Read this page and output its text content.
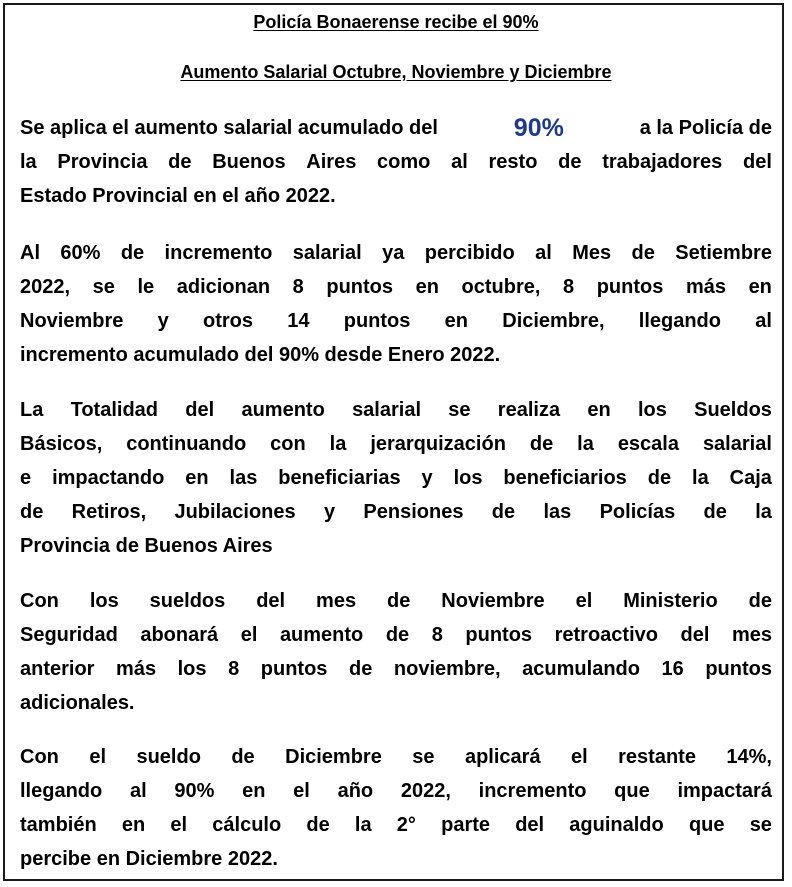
Policía Bonaerense recibe el 90%
Aumento Salarial Octubre, Noviembre y Diciembre
Se aplica el aumento salarial acumulado del	90%	a la Policía de
la Provincia de Buenos Aires como al resto de trabajadores del
Estado Provincial en el año 2022.
Al 60% de incremento salarial ya percibido al Mes de Setiembre
2022, se le adicionan 8 puntos en octubre, 8 puntos más en
Noviembre y otros 14 puntos en Diciembre, llegando al
incremento acumulado del 90% desde Enero 2022.
La Totalidad del aumento salarial se realiza en los Sueldos
Básicos, continuando con la jerarquización de la escala salarial
e impactando en las beneficiarias y los beneficiarios de la Caja
de Retiros, Jubilaciones y Pensiones de las Policías de la
Provincia de Buenos Aires
Con los sueldos del mes de Noviembre el Ministerio de
Seguridad abonará el aumento de 8 puntos retroactivo del mes
anterior más los 8 puntos de noviembre, acumulando 16 puntos
adicionales.
Con el sueldo de Diciembre se aplicará el restante 14%,
llegando al 90% en el año 2022, incremento que impactará
también en el cálculo de la 2° parte del aguinaldo que se
percibe en Diciembre 2022.
